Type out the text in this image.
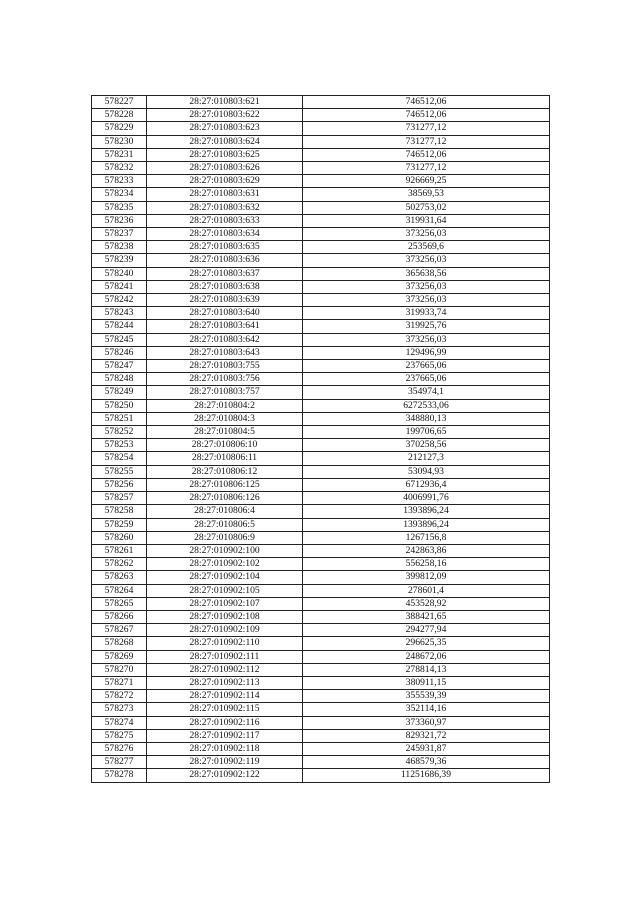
578227	28:27:010803:621	746512,06
578228	28:27:010803:622	746512,06
578229	28:27:010803:623	731277,12
578230	28:27:010803:624	731277,12
578231	28:27:010803:625	746512,06
578232	28:27:010803:626	731277,12
578233	28:27:010803:629	926669,25
578234	28:27:010803:631	38569,53
578235	28:27:010803:632	502753,02
578236	28:27:010803:633	319931,64
578237	28:27:010803:634	373256,03
578238	28:27:010803:635	253569,6
578239	28:27:010803:636	373256,03
578240	28:27:010803:637	365638,56
578241	28:27:010803:638	373256,03
578242	28:27:010803:639	373256,03
578243	28:27:010803:640	319933,74
578244	28:27:010803:641	319925,76
578245	28:27:010803:642	373256,03
578246	28:27:010803:643	129496,99
578247	28:27:010803:755	237665,06
578248	28:27:010803:756	237665,06
578249	28:27:010803:757	354974,1
578250	28:27:010804:2	6272533,06
578251	28:27:010804:3	348880,13
578252	28:27:010804:5	199706,65
578253	28:27:010806:10	370258,56
578254	28:27:010806:11	212127,3
578255	28:27:010806:12	53094,93
578256	28:27:010806:125	6712936,4
578257	28:27:010806:126	4006991,76
578258	28:27:010806:4	1393896,24
578259	28:27:010806:5	1393896,24
578260	28:27:010806:9	1267156,8
578261	28:27:010902:100	242863,86
578262	28:27:010902:102	556258,16
578263	28:27:010902:104	399812,09
578264	28:27:010902:105	278601,4
578265	28:27:010902:107	453528,92
578266	28:27:010902:108	388421,65
578267	28:27:010902:109	294277,94
578268	28:27:010902:110	296625,35
578269	28:27:010902:111	248672,06
578270	28:27:010902:112	278814,13
578271	28:27:010902:113	380911,15
578272	28:27:010902:114	355539,39
578273	28:27:010902:115	352114,16
578274	28:27:010902:116	373360,97
578275	28:27:010902:117	829321,72
578276	28:27:010902:118	245931,87
578277	28:27:010902:119	468579,36
578278	28:27:010902:122	11251686,39
